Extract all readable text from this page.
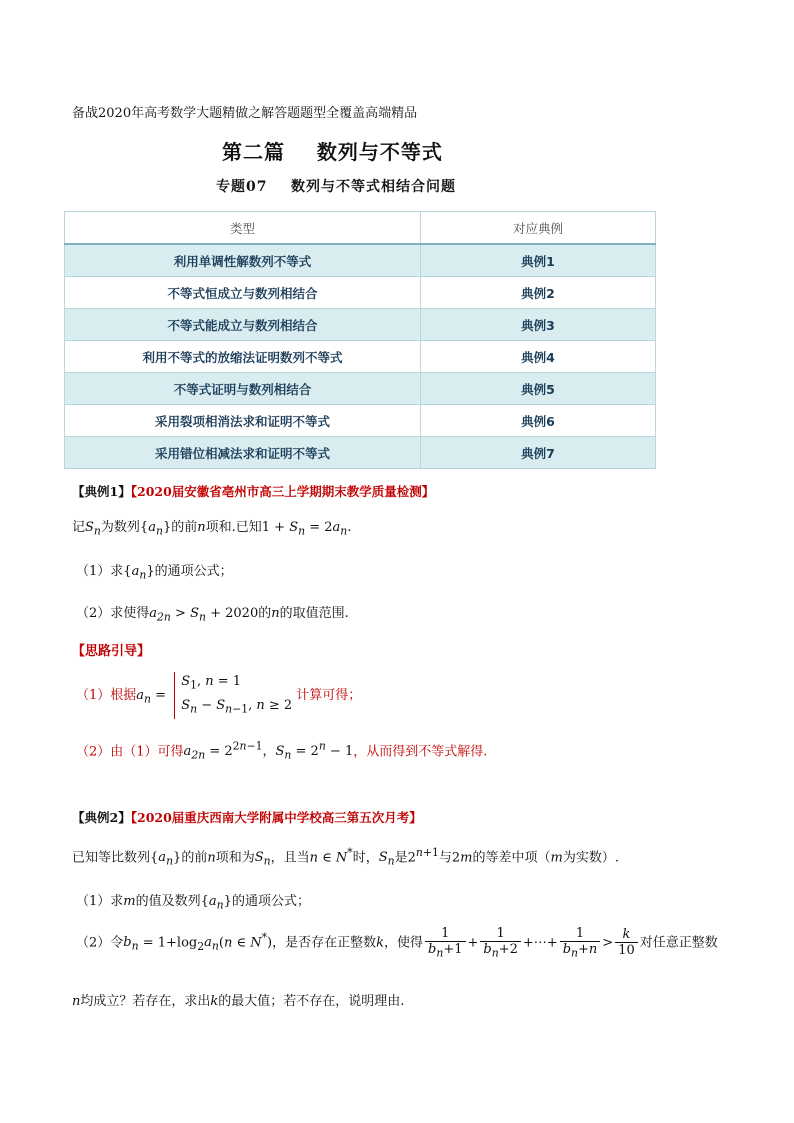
备战2020年高考数学大题精做之解答题题型全覆盖高端精品
第二篇    数列与不等式
专题07    数列与不等式相结合问题
类型	对应典例
利用单调性解数列不等式	典例1
不等式恒成立与数列相结合	典例2
不等式能成立与数列相结合	典例3
利用不等式的放缩法证明数列不等式	典例4
不等式证明与数列相结合	典例5
采用裂项相消法求和证明不等式	典例6
采用错位相减法求和证明不等式	典例7
【典例1】【2020届安徽省亳州市高三上学期期末教学质量检测】
记$S_n$为数列$\{a_n\}$的前n项和.已知$1 + S_n = 2a_n$.
（1）求$\{a_n\}$的通项公式；
（2）求使得$a_{2n} > S_n + 2020$的n的取值范围.
【思路引导】
（1）根据$a_n$ =
$S_1$, n = 1
$S_n - S_{n-1}$, n ≥ 2
计算可得；
（2）由（1）可得$a_{2n} = 2^{2n-1}$，$S_n = 2^n - 1$，从而得到不等式解得.
【典例2】【2020届重庆西南大学附属中学校高三第五次月考】
已知等比数列$\{a_n\}$的前n项和为$S_n$，且当n ∈ N*时，$S_n$是$2^{n+1}$与2m的等差中项（m为实数）.
（1）求m的值及数列$\{a_n\}$的通项公式；
（2）令$b_n = 1+\log_2a_n(n$ ∈ N*)，是否存在正整数k，使得 $\frac{1}{b_n+1} + \frac{1}{b_n+2}$ +⋯+ $\frac{1}{b_n+n} > \frac{k}{10}$ 对任意正整数
n均成立？若存在，求出k的最大值；若不存在，说明理由.
